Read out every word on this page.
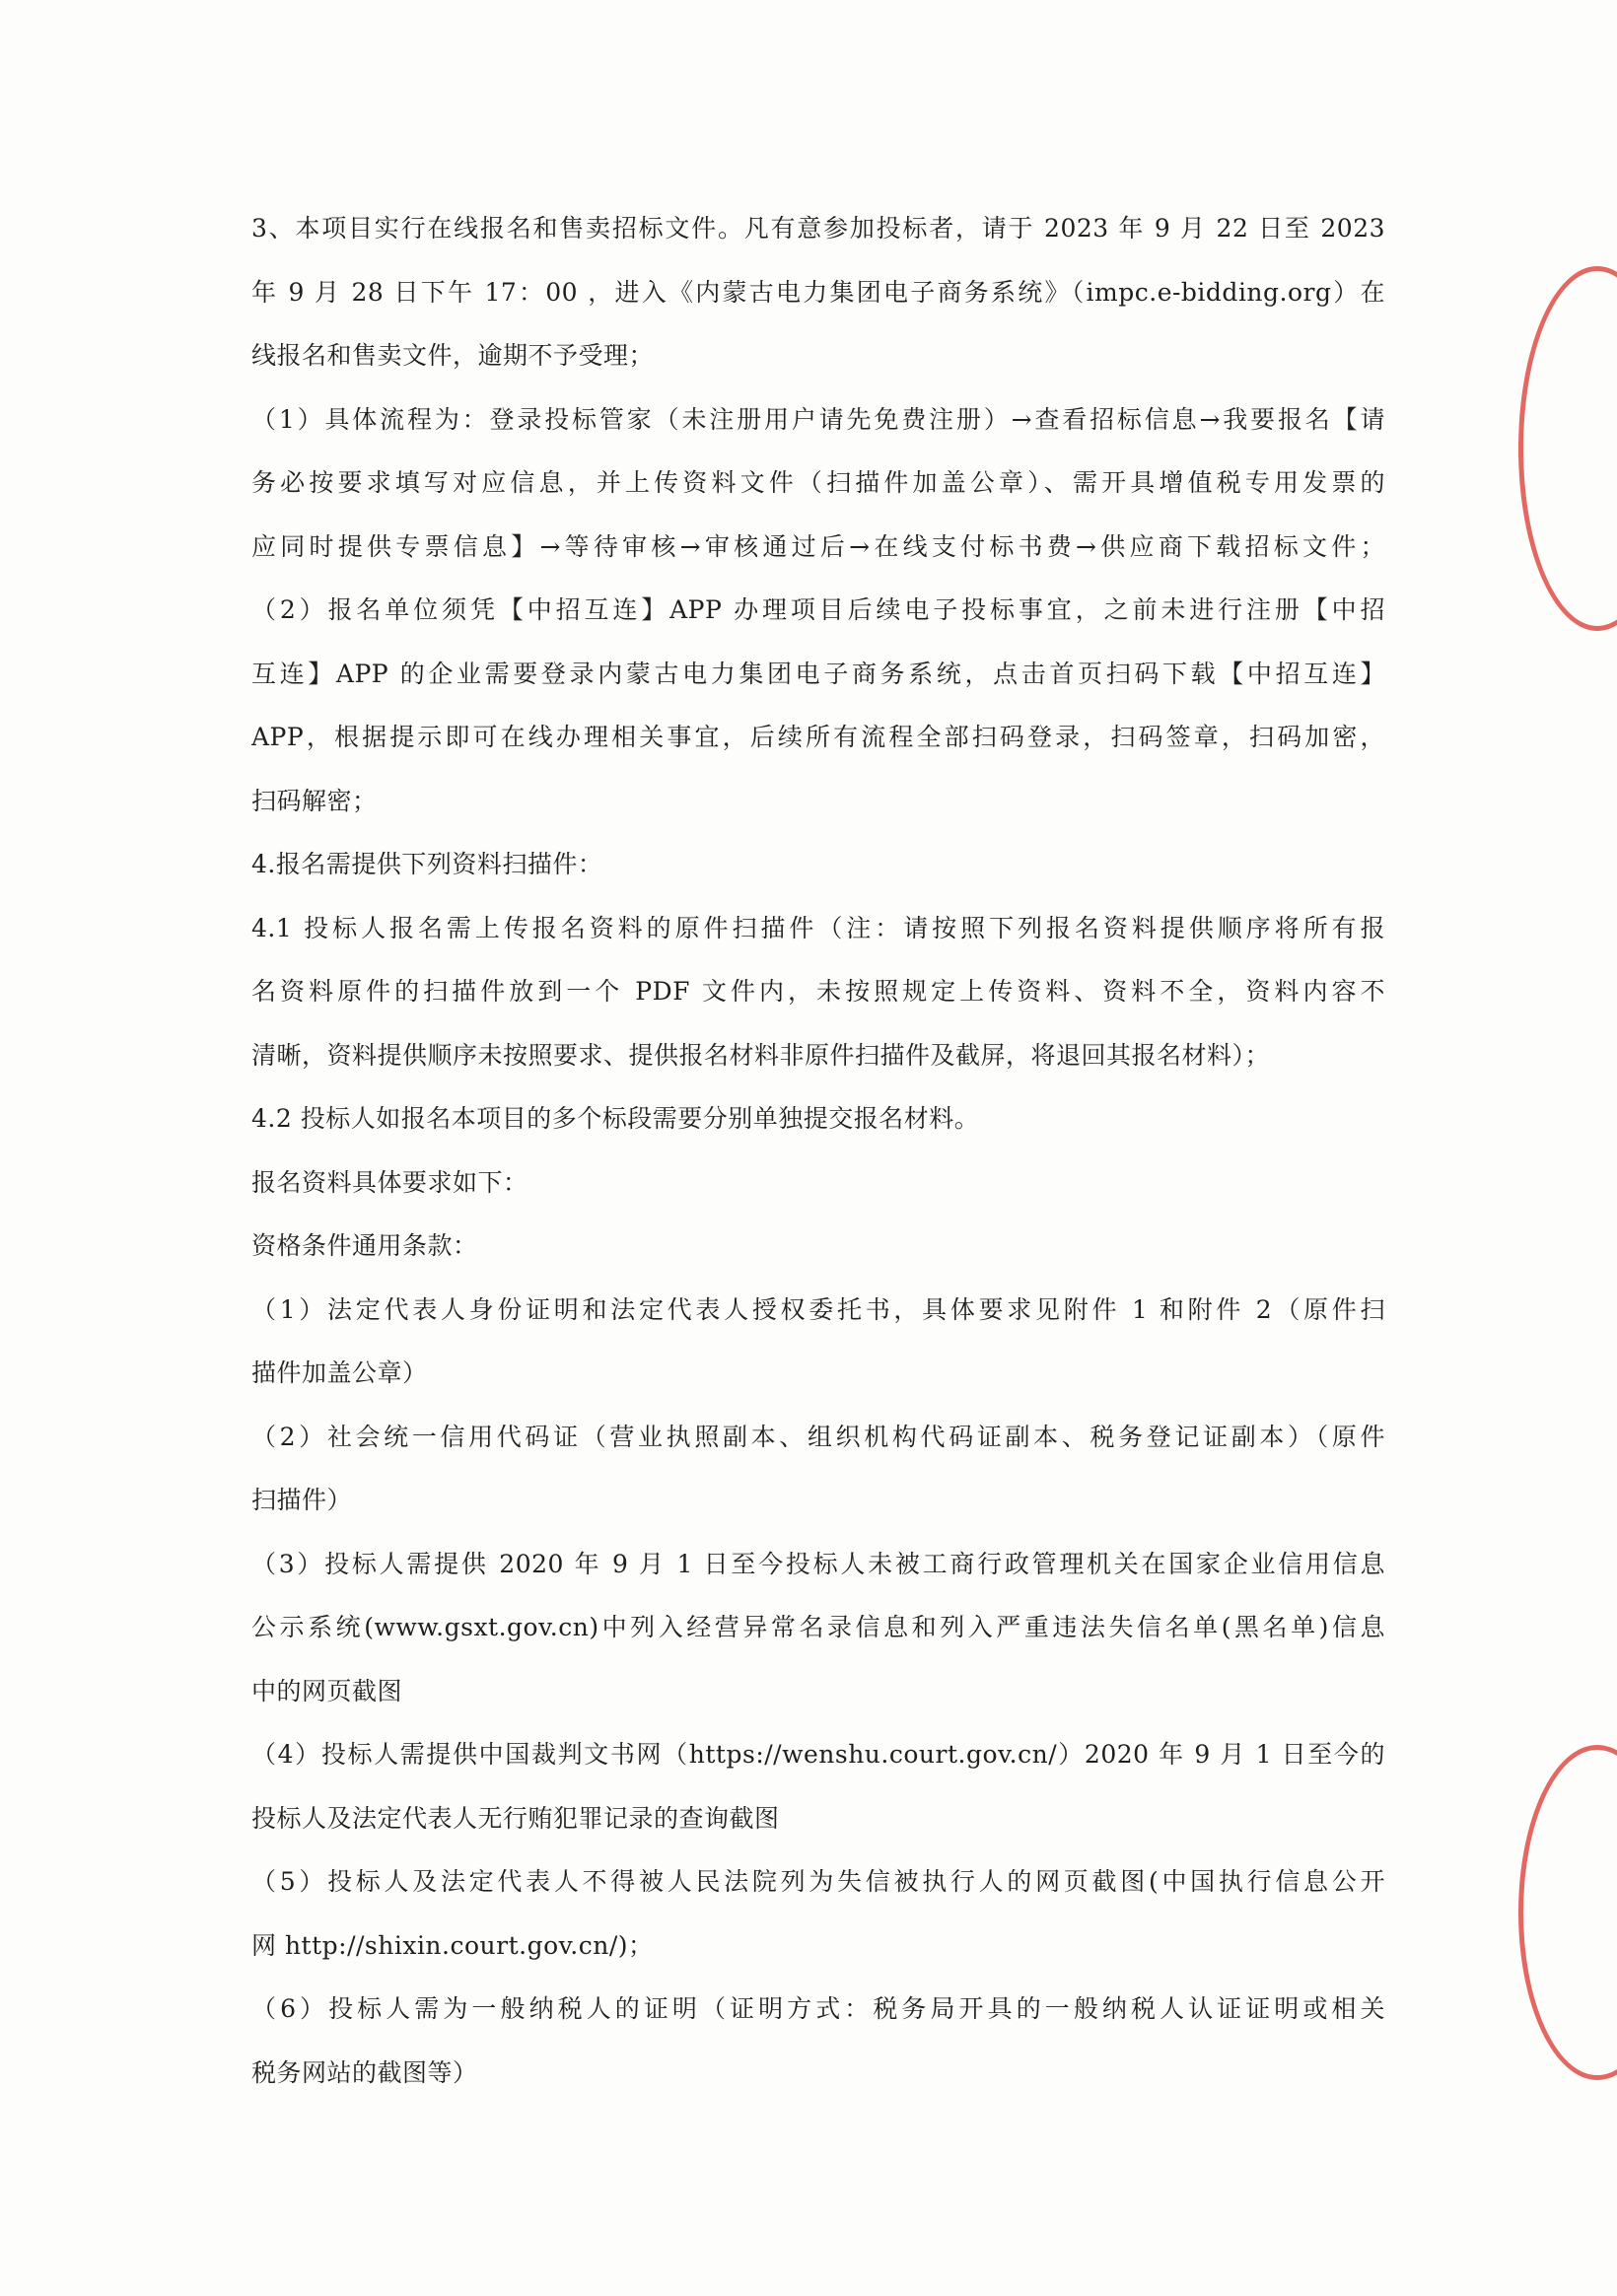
3、本项目实行在线报名和售卖招标文件。凡有意参加投标者，请于 2023 年 9 月 22 日至 2023
年 9 月 28 日下午 17：00 ，进入《内蒙古电力集团电子商务系统》（impc.e-bidding.org）在
线报名和售卖文件，逾期不予受理；
（1）具体流程为：登录投标管家（未注册用户请先免费注册）→查看招标信息→我要报名【请
务必按要求填写对应信息，并上传资料文件（扫描件加盖公章）、需开具增值税专用发票的
应同时提供专票信息】→等待审核→审核通过后→在线支付标书费→供应商下载招标文件；
（2）报名单位须凭【中招互连】APP 办理项目后续电子投标事宜，之前未进行注册【中招
互连】APP 的企业需要登录内蒙古电力集团电子商务系统，点击首页扫码下载【中招互连】
APP，根据提示即可在线办理相关事宜，后续所有流程全部扫码登录，扫码签章，扫码加密，
扫码解密；
4.报名需提供下列资料扫描件：
4.1 投标人报名需上传报名资料的原件扫描件（注：请按照下列报名资料提供顺序将所有报
名资料原件的扫描件放到一个 PDF 文件内，未按照规定上传资料、资料不全，资料内容不
清晰，资料提供顺序未按照要求、提供报名材料非原件扫描件及截屏，将退回其报名材料）；
4.2 投标人如报名本项目的多个标段需要分别单独提交报名材料。
报名资料具体要求如下：
资格条件通用条款：
（1）法定代表人身份证明和法定代表人授权委托书，具体要求见附件 1 和附件 2（原件扫
描件加盖公章）
（2）社会统一信用代码证（营业执照副本、组织机构代码证副本、税务登记证副本）（原件
扫描件）
（3）投标人需提供 2020 年 9 月 1 日至今投标人未被工商行政管理机关在国家企业信用信息
公示系统(www.gsxt.gov.cn)中列入经营异常名录信息和列入严重违法失信名单(黑名单)信息
中的网页截图
（4）投标人需提供中国裁判文书网（https://wenshu.court.gov.cn/）2020 年 9 月 1 日至今的
投标人及法定代表人无行贿犯罪记录的查询截图
（5）投标人及法定代表人不得被人民法院列为失信被执行人的网页截图(中国执行信息公开
网 http://shixin.court.gov.cn/)；
（6）投标人需为一般纳税人的证明（证明方式：税务局开具的一般纳税人认证证明或相关
税务网站的截图等）
